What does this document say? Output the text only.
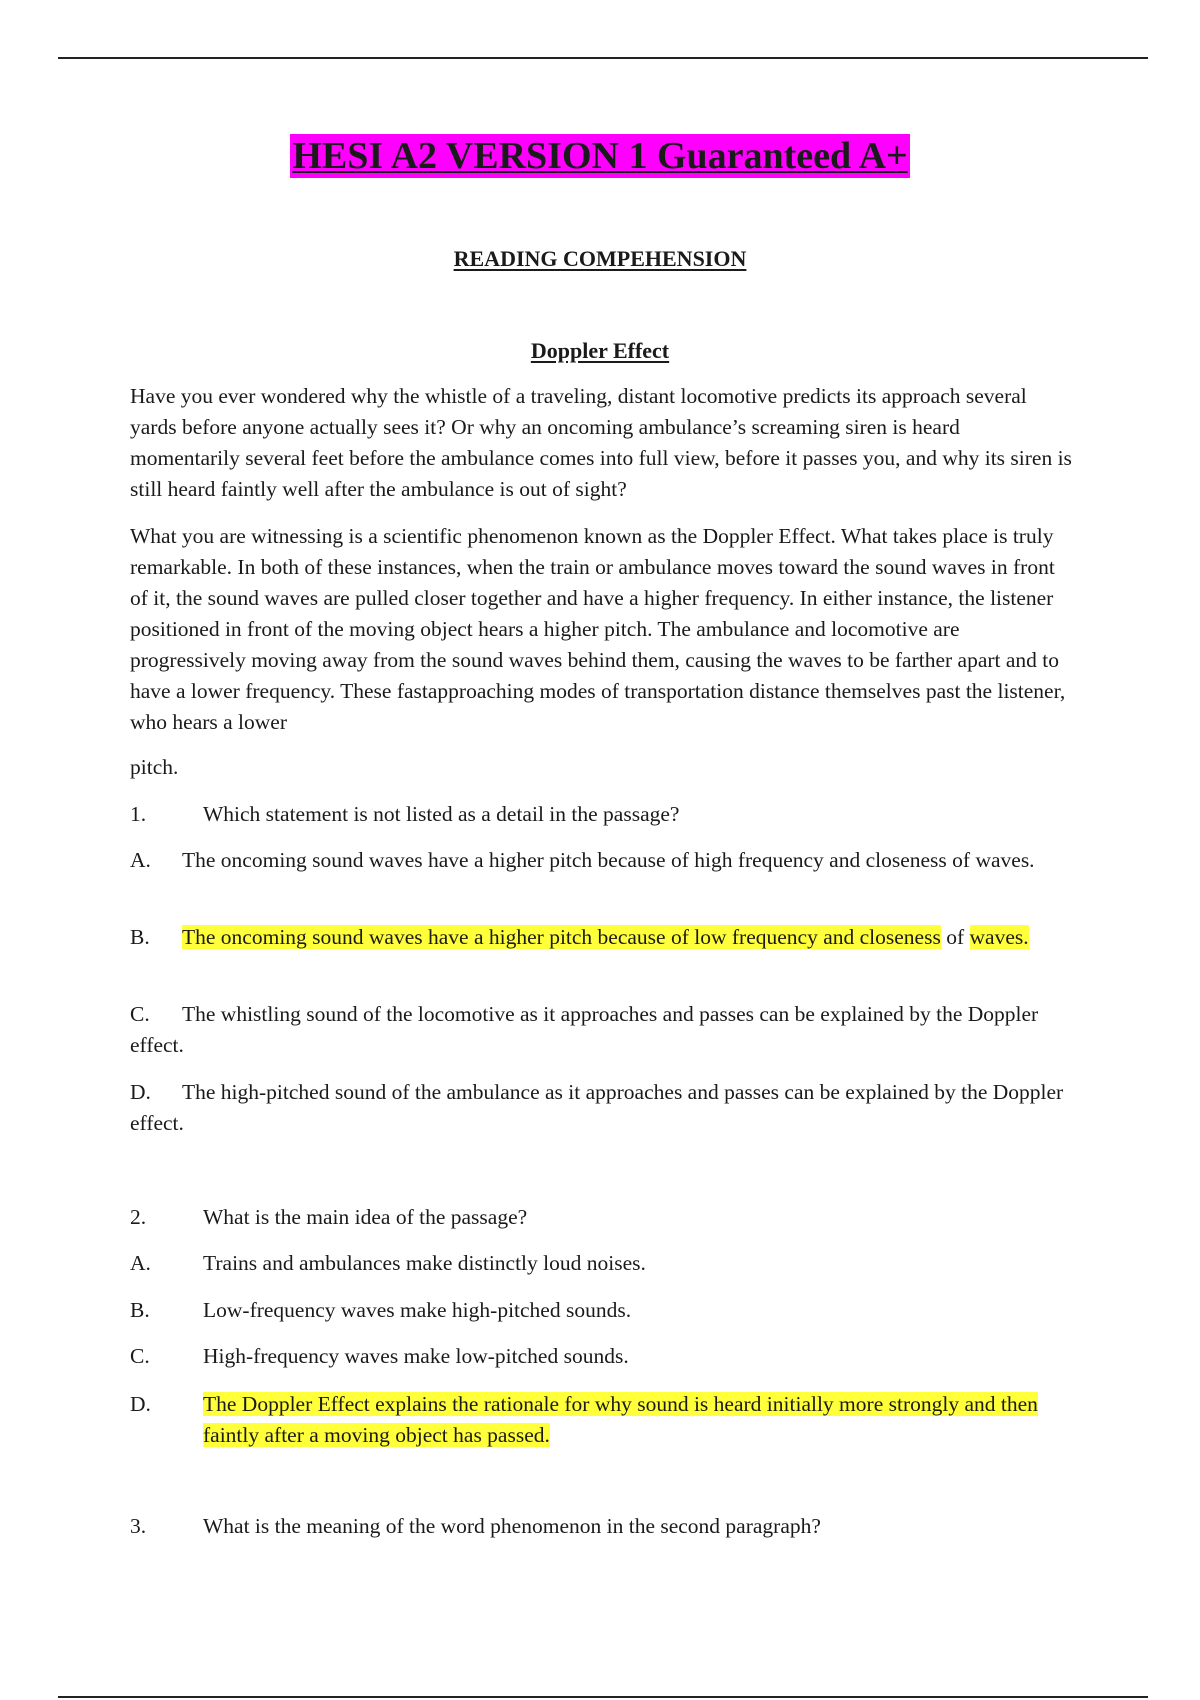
HESI A2 VERSION 1 Guaranteed A+
READING COMPEHENSION
Doppler Effect

Have you ever wondered why the whistle of a traveling, distant locomotive predicts its approach several yards before anyone actually sees it? Or why an oncoming ambulance’s screaming siren is heard momentarily several feet before the ambulance comes into full view, before it passes you, and why its siren is still heard faintly well after the ambulance is out of sight?

What you are witnessing is a scientific phenomenon known as the Doppler Effect. What takes place is truly remarkable. In both of these instances, when the train or ambulance moves toward the sound waves in front of it, the sound waves are pulled closer together and have a higher frequency. In either instance, the listener positioned in front of the moving object hears a higher pitch. The ambulance and locomotive are progressively moving away from the sound waves behind them, causing the waves to be farther apart and to have a lower frequency. These fastapproaching modes of transportation distance themselves past the listener, who hears a lower

pitch.

1.	Which statement is not listed as a detail in the passage?
A. The oncoming sound waves have a higher pitch because of high frequency and closeness of waves.
B. The oncoming sound waves have a higher pitch because of low frequency and closeness of waves.
C. The whistling sound of the locomotive as it approaches and passes can be explained by the Doppler effect.
D. The high-pitched sound of the ambulance as it approaches and passes can be explained by the Doppler effect.
2.	What is the main idea of the passage?
A.	Trains and ambulances make distinctly loud noises.
B.	Low-frequency waves make high-pitched sounds.
C.	High-frequency waves make low-pitched sounds.
D.	The Doppler Effect explains the rationale for why sound is heard initially more strongly and then faintly after a moving object has passed.
3.	What is the meaning of the word phenomenon in the second paragraph?
